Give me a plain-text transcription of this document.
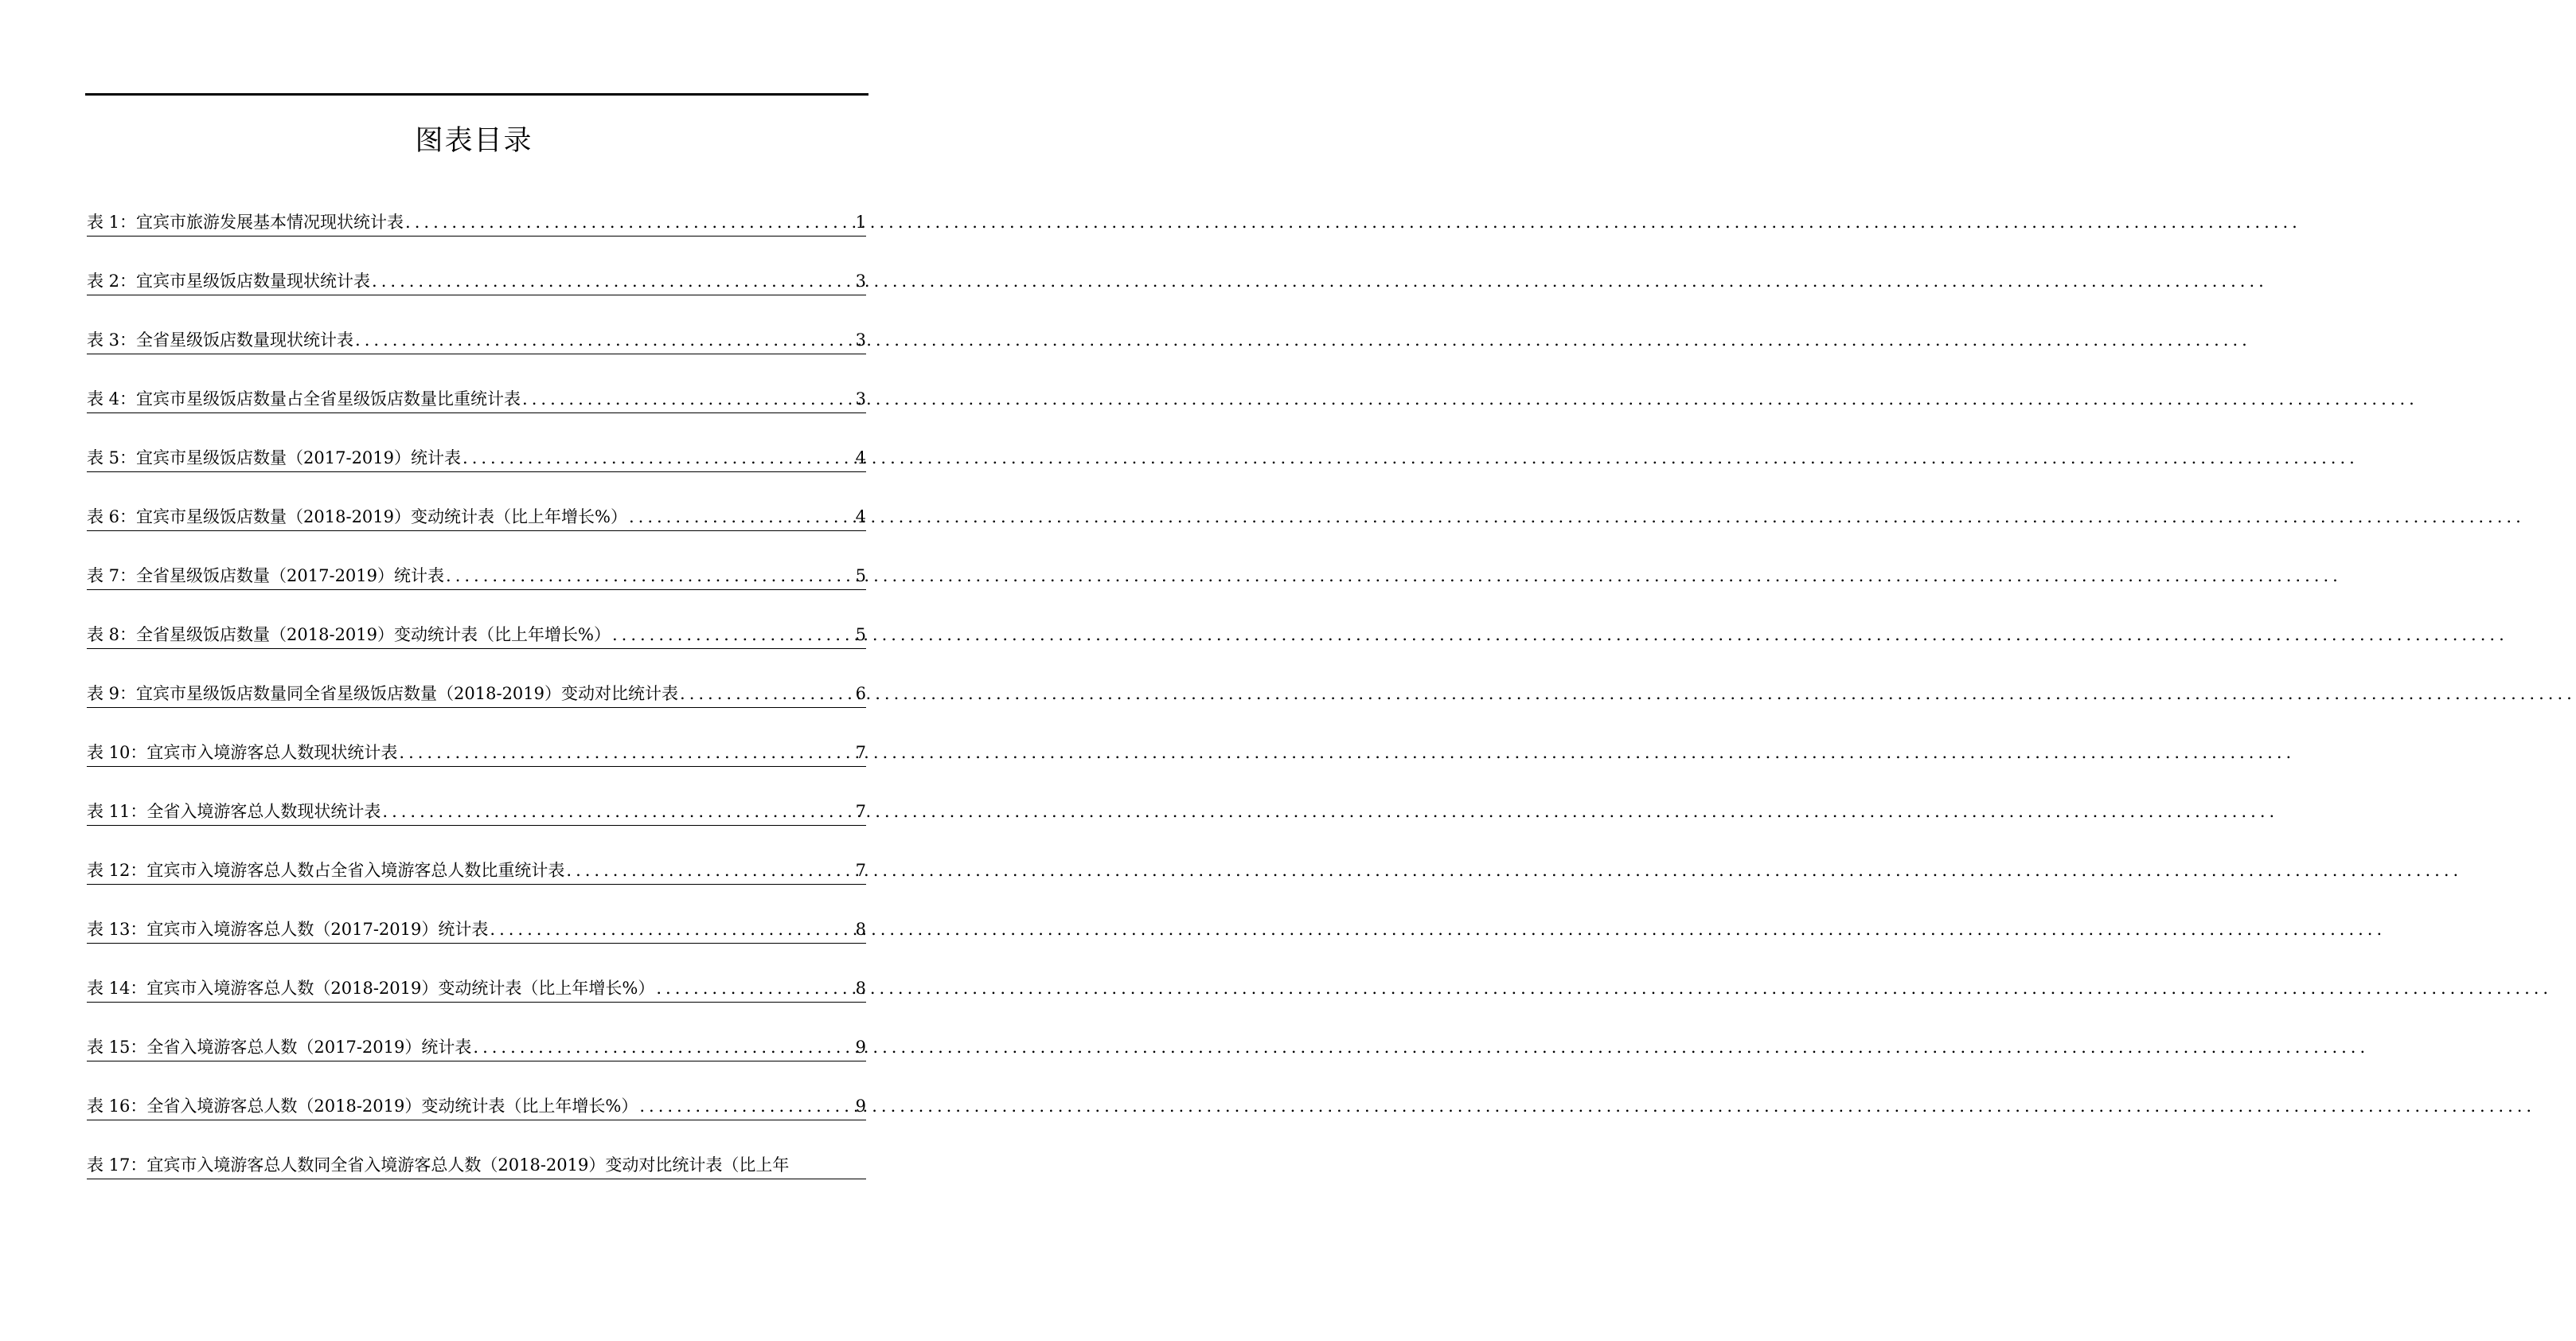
图表目录
表 1：宜宾市旅游发展基本情况现状统计表 .....	1
表 2：宜宾市星级饭店数量现状统计表 .....	3
表 3：全省星级饭店数量现状统计表 .....	3
表 4：宜宾市星级饭店数量占全省星级饭店数量比重统计表 .....	3
表 5：宜宾市星级饭店数量（2017-2019）统计表 .....	4
表 6：宜宾市星级饭店数量（2018-2019）变动统计表（比上年增长%） .....	4
表 7：全省星级饭店数量（2017-2019）统计表 .....	5
表 8：全省星级饭店数量（2018-2019）变动统计表（比上年增长%） .....	5
表 9：宜宾市星级饭店数量同全省星级饭店数量（2018-2019）变动对比统计表 .....	6
表 10：宜宾市入境游客总人数现状统计表 .....	7
表 11：全省入境游客总人数现状统计表 .....	7
表 12：宜宾市入境游客总人数占全省入境游客总人数比重统计表 .....	7
表 13：宜宾市入境游客总人数（2017-2019）统计表 .....	8
表 14：宜宾市入境游客总人数（2018-2019）变动统计表（比上年增长%） .....	8
表 15：全省入境游客总人数（2017-2019）统计表 .....	9
表 16：全省入境游客总人数（2018-2019）变动统计表（比上年增长%） .....	9
表 17：宜宾市入境游客总人数同全省入境游客总人数（2018-2019）变动对比统计表（比上年
